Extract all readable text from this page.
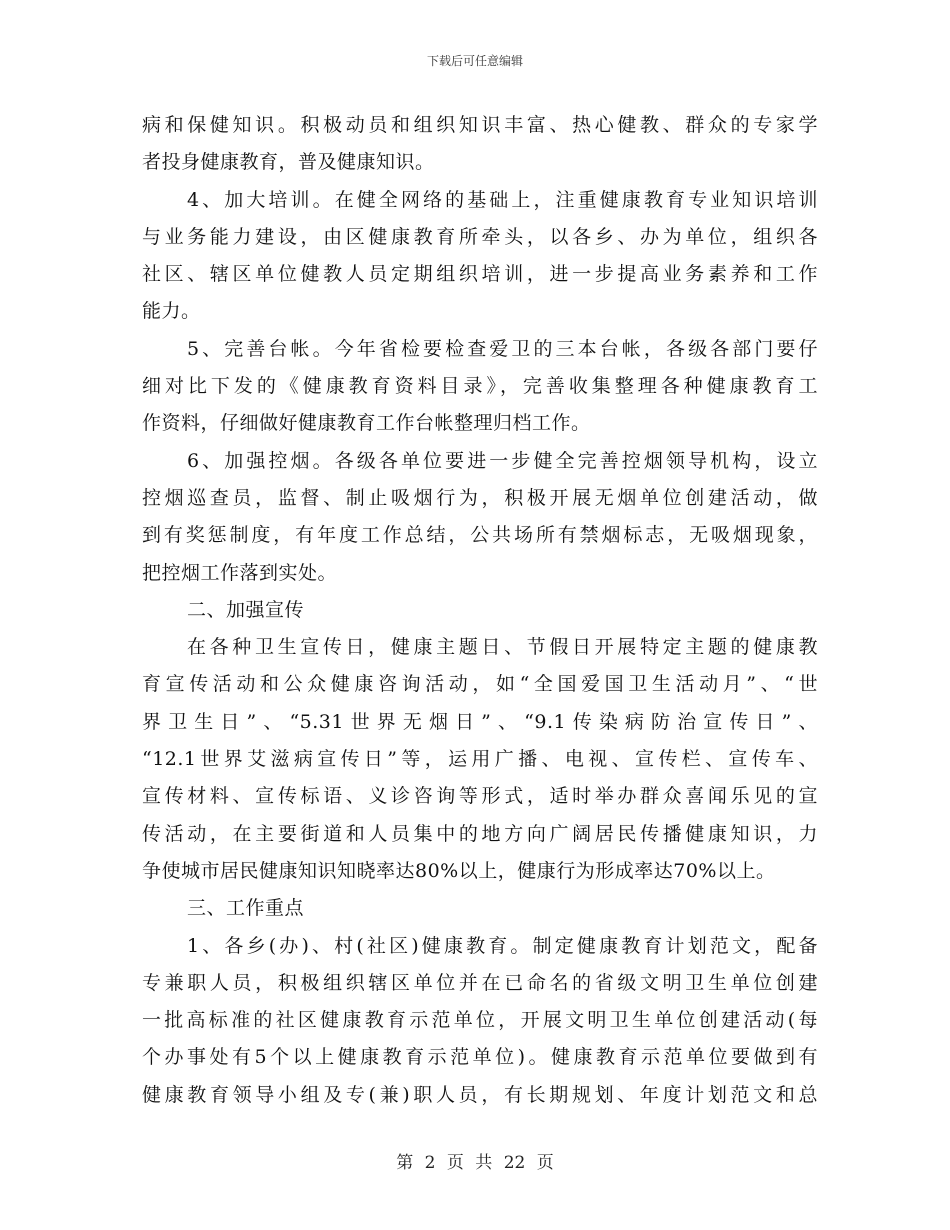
下载后可任意编辑
病和保健知识。积极动员和组织知识丰富、热心健教、群众的专家学
者投身健康教育，普及健康知识。
4、加大培训。在健全网络的基础上，注重健康教育专业知识培训
与业务能力建设，由区健康教育所牵头，以各乡、办为单位，组织各
社区、辖区单位健教人员定期组织培训，进一步提高业务素养和工作
能力。
5、完善台帐。今年省检要检查爱卫的三本台帐，各级各部门要仔
细对比下发的《健康教育资料目录》，完善收集整理各种健康教育工
作资料，仔细做好健康教育工作台帐整理归档工作。
6、加强控烟。各级各单位要进一步健全完善控烟领导机构，设立
控烟巡查员，监督、制止吸烟行为，积极开展无烟单位创建活动，做
到有奖惩制度，有年度工作总结，公共场所有禁烟标志，无吸烟现象，
把控烟工作落到实处。
二、加强宣传
在各种卫生宣传日，健康主题日、节假日开展特定主题的健康教
育宣传活动和公众健康咨询活动，如“全国爱国卫生活动月”、“世
界卫生日”、“5.31世界无烟日”、“9.1传染病防治宣传日”、
“12.1世界艾滋病宣传日”等，运用广播、电视、宣传栏、宣传车、
宣传材料、宣传标语、义诊咨询等形式，适时举办群众喜闻乐见的宣
传活动，在主要街道和人员集中的地方向广阔居民传播健康知识，力
争使城市居民健康知识知晓率达80%以上，健康行为形成率达70%以上。
三、工作重点
1、各乡(办)、村(社区)健康教育。制定健康教育计划范文，配备
专兼职人员，积极组织辖区单位并在已命名的省级文明卫生单位创建
一批高标准的社区健康教育示范单位，开展文明卫生单位创建活动(每
个办事处有5个以上健康教育示范单位)。健康教育示范单位要做到有
健康教育领导小组及专(兼)职人员，有长期规划、年度计划范文和总
第 2 页 共 22 页
